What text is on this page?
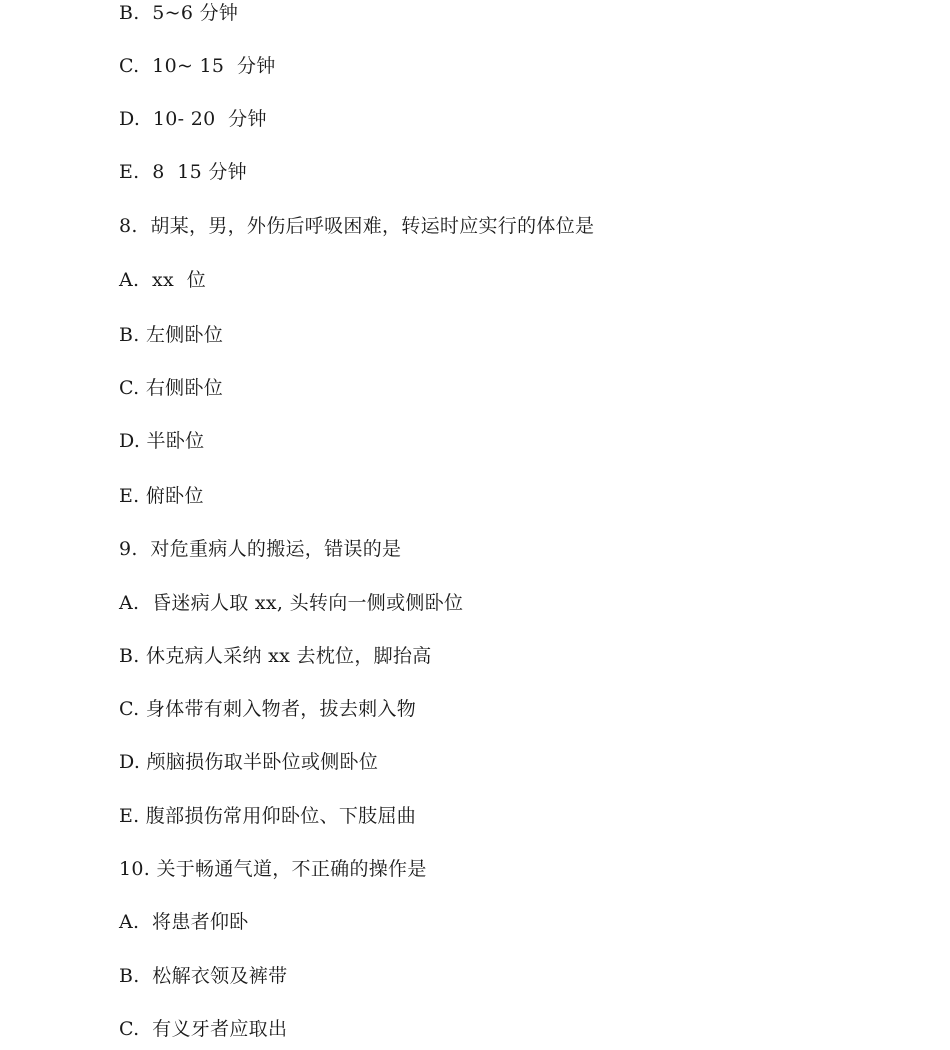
B.  5~6 分钟
C.  10~ 15  分钟
D.  10- 20  分钟
E.  8  15 分钟
8.  胡某，男，外伤后呼吸困难，转运时应实行的体位是
A.  xx  位
B. 左侧卧位
C. 右侧卧位
D. 半卧位
E. 俯卧位
9.  对危重病人的搬运，错误的是
A.  昏迷病人取 xx, 头转向一侧或侧卧位
B. 休克病人采纳 xx 去枕位，脚抬高
C. 身体带有刺入物者，拔去刺入物
D. 颅脑损伤取半卧位或侧卧位
E. 腹部损伤常用仰卧位、下肢屈曲
10. 关于畅通气道，不正确的操作是
A.  将患者仰卧
B.  松解衣领及裤带
C.  有义牙者应取出
